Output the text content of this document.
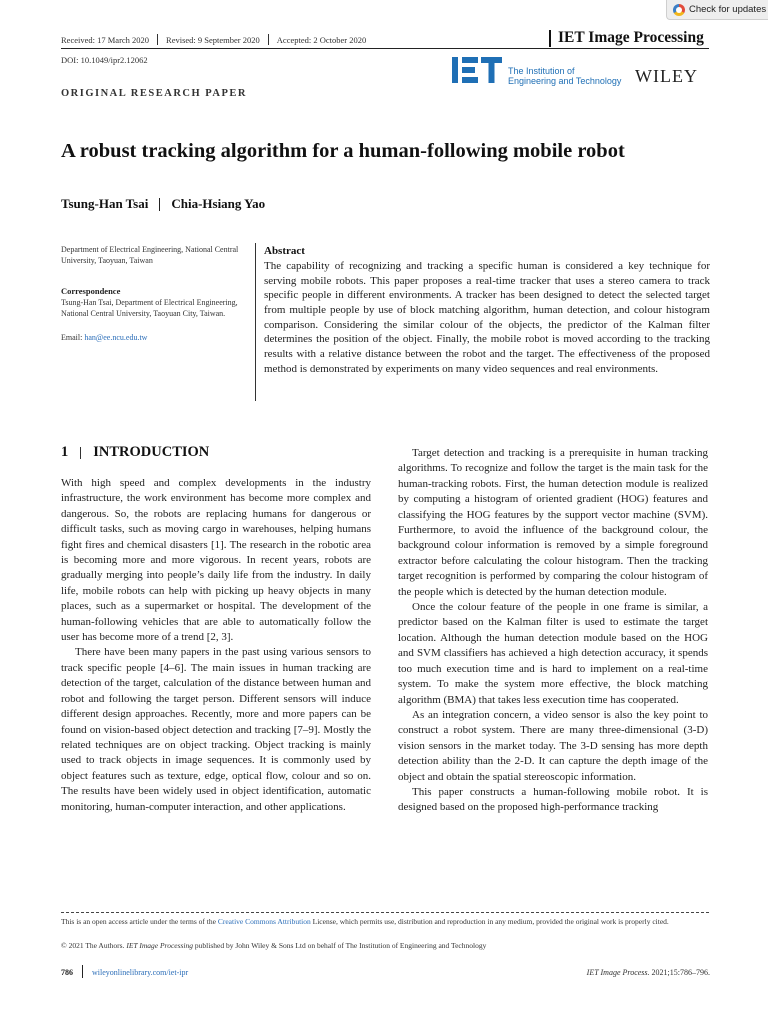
Check for updates
Received: 17 March 2020 Revised: 9 September 2020 Accepted: 2 October 2020	IET Image Processing
DOI: 10.1049/ipr2.12062
The Institution of
Engineering and Technology WILEY
ORIGINAL RESEARCH PAPER
A robust tracking algorithm for a human-following mobile robot
Tsung-Han Tsai Chia-Hsiang Yao
Department of Electrical Engineering, National Central University, Taoyuan, Taiwan
Correspondence
Tsung-Han Tsai, Department of Electrical Engineering, National Central University, Taoyuan City, Taiwan.
Email: han@ee.ncu.edu.tw
Abstract
The capability of recognizing and tracking a specific human is considered a key technique for serving mobile robots. This paper proposes a real-time tracker that uses a stereo camera to track specific people in different environments. A tracker has been designed to detect the selected target from multiple people by use of block matching algorithm, human detection, and colour histogram comparison. Considering the similar colour of the objects, the predictor of the Kalman filter determines the position of the object. Finally, the mobile robot is moved according to the tracking results with a relative distance between the robot and the target. The effectiveness of the proposed method is demonstrated by experiments on many video sequences and real environments.
1 INTRODUCTION

With high speed and complex developments in the industry infrastructure, the work environment has become more complex and dangerous. So, the robots are replacing humans for dangerous or difficult tasks, such as moving cargo in warehouses, helping humans fight fires and chemical disasters [1]. The research in the robotic area is becoming more and more vigorous. In recent years, robots are gradually merging into people’s daily life from the industry. In daily life, mobile robots can help with picking up heavy objects in many places, such as a supermarket or hospital. The development of the human-following vehicles that are able to automatically follow the user has become more of a trend [2, 3].

There have been many papers in the past using various sensors to track specific people [4–6]. The main issues in human tracking are detection of the target, calculation of the distance between human and robot and following the target person. Different sensors will induce different design approaches. Recently, more and more papers can be found on vision-based object detection and tracking [7–9]. Mostly the related techniques are on object tracking. Object tracking is mainly used to track objects in image sequences. It is commonly used by object features such as texture, edge, optical flow, colour and so on. The results have been widely used in object identification, automatic monitoring, human-computer interaction, and other applications.

Target detection and tracking is a prerequisite in human tracking algorithms. To recognize and follow the target is the main task for the human-tracking robots. First, the human detection module is realized by computing a histogram of oriented gradient (HOG) features and classifying the HOG features by the support vector machine (SVM). Furthermore, to avoid the influence of the background colour, the background colour information is removed by a simple foreground extractor before calculating the colour histogram. Then the tracking target recognition is performed by comparing the colour histogram of the people which is detected by the human detection module.

Once the colour feature of the people in one frame is similar, a predictor based on the Kalman filter is used to estimate the target location. Although the human detection module based on the HOG and SVM classifiers has achieved a high detection accuracy, it spends too much execution time and is hard to implement on a real-time system. To make the system more effective, the block matching algorithm (BMA) that takes less execution time has cooperated.

As an integration concern, a video sensor is also the key point to construct a robot system. There are many three-dimensional (3-D) vision sensors in the market today. The 3-D sensing has more depth detection ability than the 2-D. It can capture the depth image of the object and obtain the spatial stereoscopic information.

This paper constructs a human-following mobile robot. It is designed based on the proposed high-performance tracking

This is an open access article under the terms of the Creative Commons Attribution License, which permits use, distribution and reproduction in any medium, provided the original work is properly cited.
© 2021 The Authors. IET Image Processing published by John Wiley & Sons Ltd on behalf of The Institution of Engineering and Technology
786 wileyonlinelibrary.com/iet-ipr	IET Image Process. 2021;15:786–796.
